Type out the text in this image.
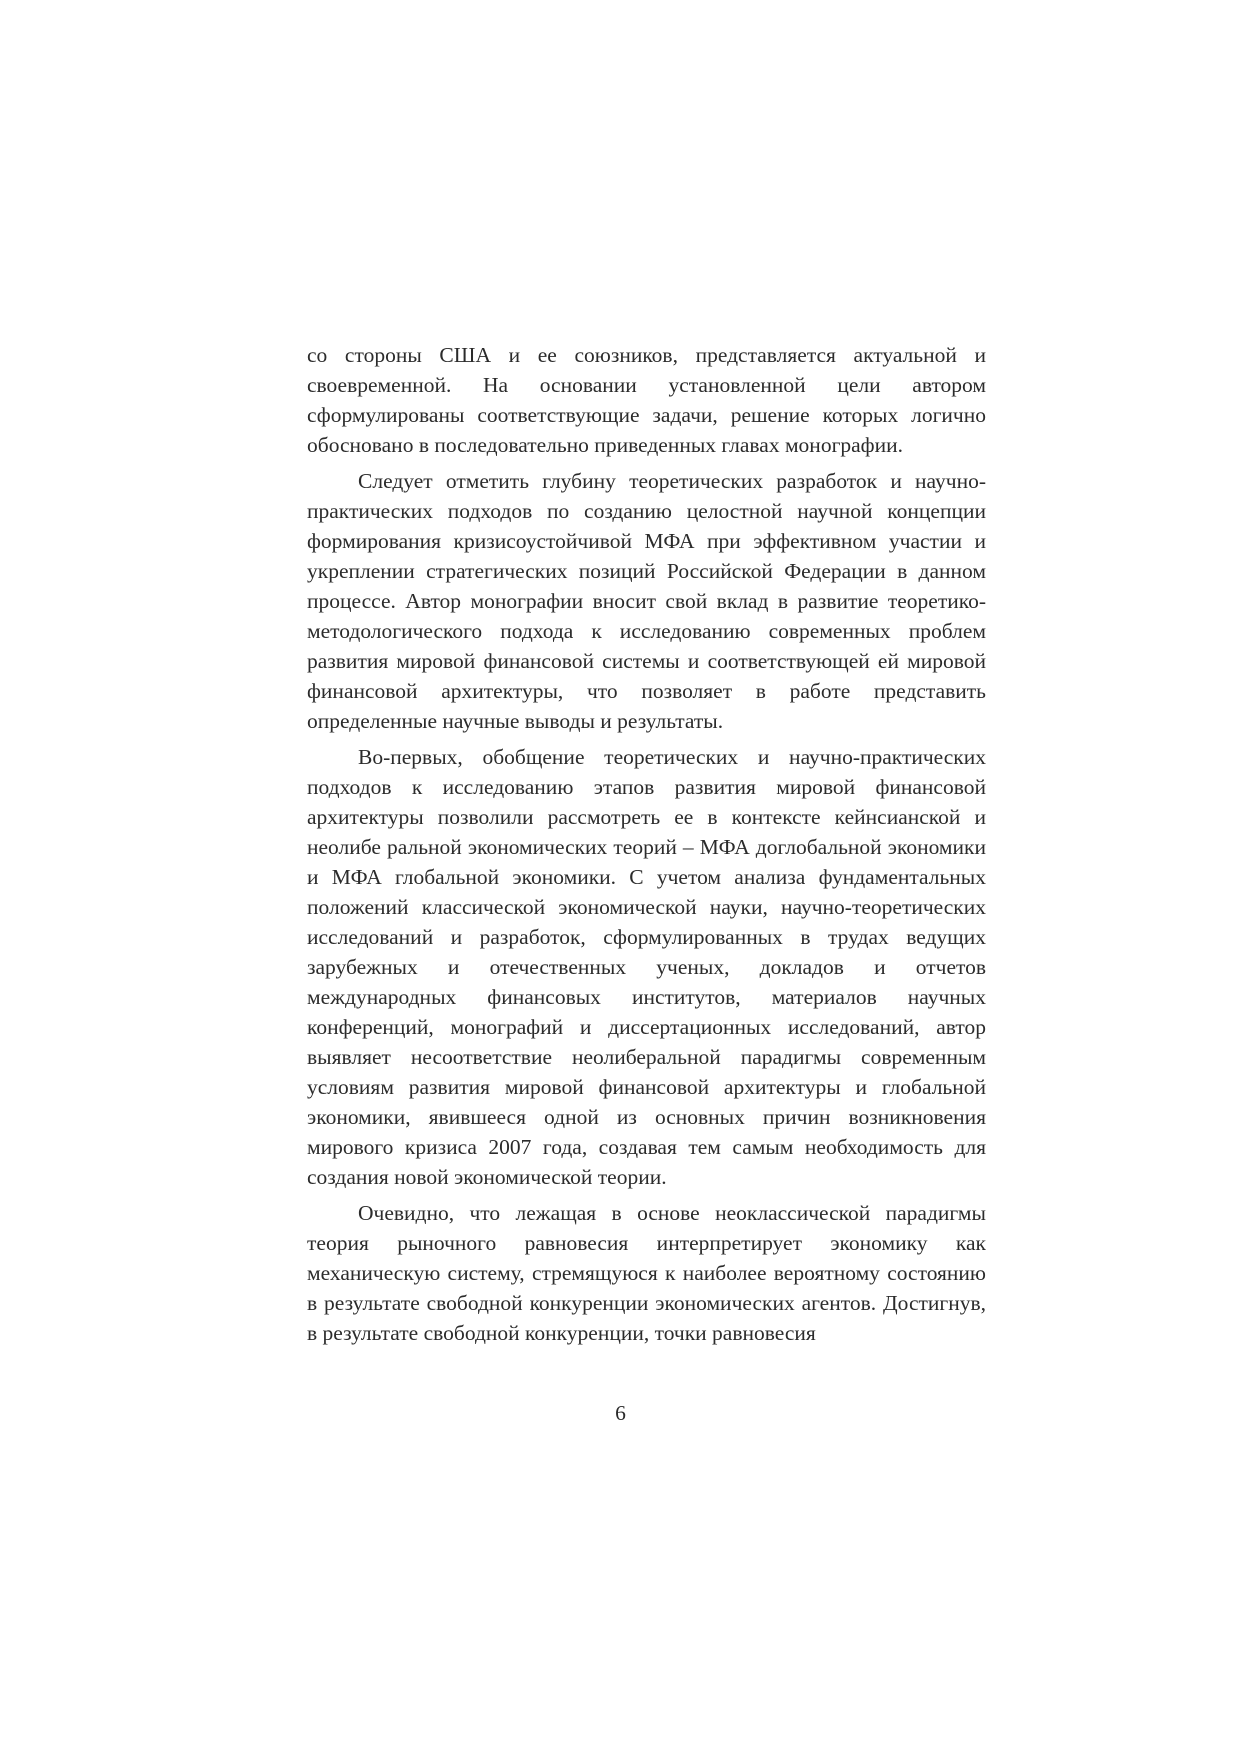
со стороны США и ее союзников, представляется актуальной и своевременной. На основании установленной цели автором сформулированы соответствующие задачи, решение которых логично обосновано в последовательно приведенных главах монографии.

Следует отметить глубину теоретических разработок и научно-практических подходов по созданию целостной научной концепции формирования кризисоустойчивой МФА при эффективном участии и укреплении стратегических позиций Российской Федерации в данном процессе. Автор монографии вносит свой вклад в развитие теоретико-методологического подхода к исследованию современных проблем развития мировой финансовой системы и соответствующей ей мировой финансовой архитектуры, что позволяет в работе представить определенные научные выводы и результаты.

Во-первых, обобщение теоретических и научно-практических подходов к исследованию этапов развития мировой финансовой архитектуры позволили рассмотреть ее в контексте кейнсианской и неолибе ральной экономических теорий – МФА доглобальной экономики и МФА глобальной экономики. С учетом анализа фундаментальных положений классической экономической науки, научно-теоретических исследований и разработок, сформулированных в трудах ведущих зарубежных и отечественных ученых, докладов и отчетов международных финансовых институтов, материалов научных конференций, монографий и диссертационных исследований, автор выявляет несоответствие неолиберальной парадигмы современным условиям развития мировой финансовой архитектуры и глобальной экономики, явившееся одной из основных причин возникновения мирового кризиса 2007 года, создавая тем самым необходимость для создания новой экономической теории.

Очевидно, что лежащая в основе неоклассической парадигмы теория рыночного равновесия интерпретирует экономику как механическую систему, стремящуюся к наиболее вероятному состоянию в результате свободной конкуренции экономических агентов. Достигнув, в результате свободной конкуренции, точки равновесия

6
